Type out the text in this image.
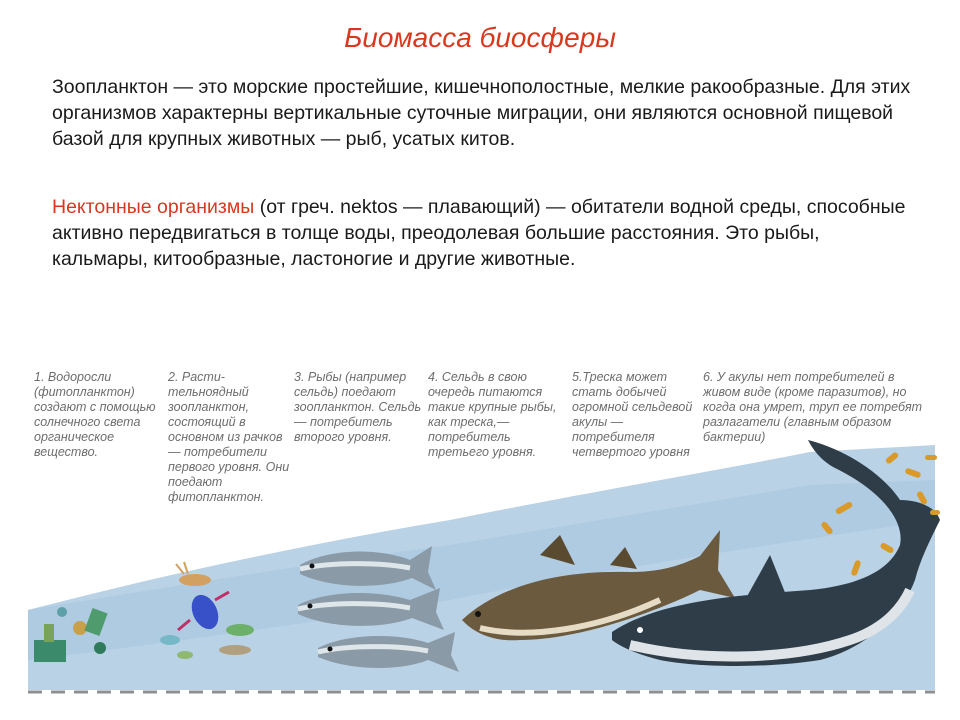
Биомасса биосферы
Зоопланктон — это морские простейшие, кишечнополостные, мелкие ракообразные. Для этих организмов характерны вертикальные суточные миграции, они являются основной пищевой базой для крупных животных — рыб, усатых китов.
Нектонные организмы (от греч. nektos — плавающий) — обитатели водной среды, способные активно передвигаться в толще воды, преодолевая большие расстояния. Это рыбы, кальмары, китообразные, ластоногие и другие животные.
1. Водоросли (фитопланктон) создают с помощью солнечного света органическое вещество.
2. Расти-тельноядный зоопланктон, состоящий в основном из рачков — потребители первого уровня. Они поедают фитопланктон.
3. Рыбы (например сельдь) поедают зоопланктон. Сельдь — потребитель второго уровня.
4. Сельдь в свою очередь питаются такие крупные рыбы, как треска,— потребитель третьего уровня.
5.Треска может стать добычей огромной сельдевой акулы — потребителя четвертого уровня
6. У акулы нет потребителей в живом виде (кроме паразитов), но когда она умрет, труп ее потребят разлагатели (главным образом бактерии)
